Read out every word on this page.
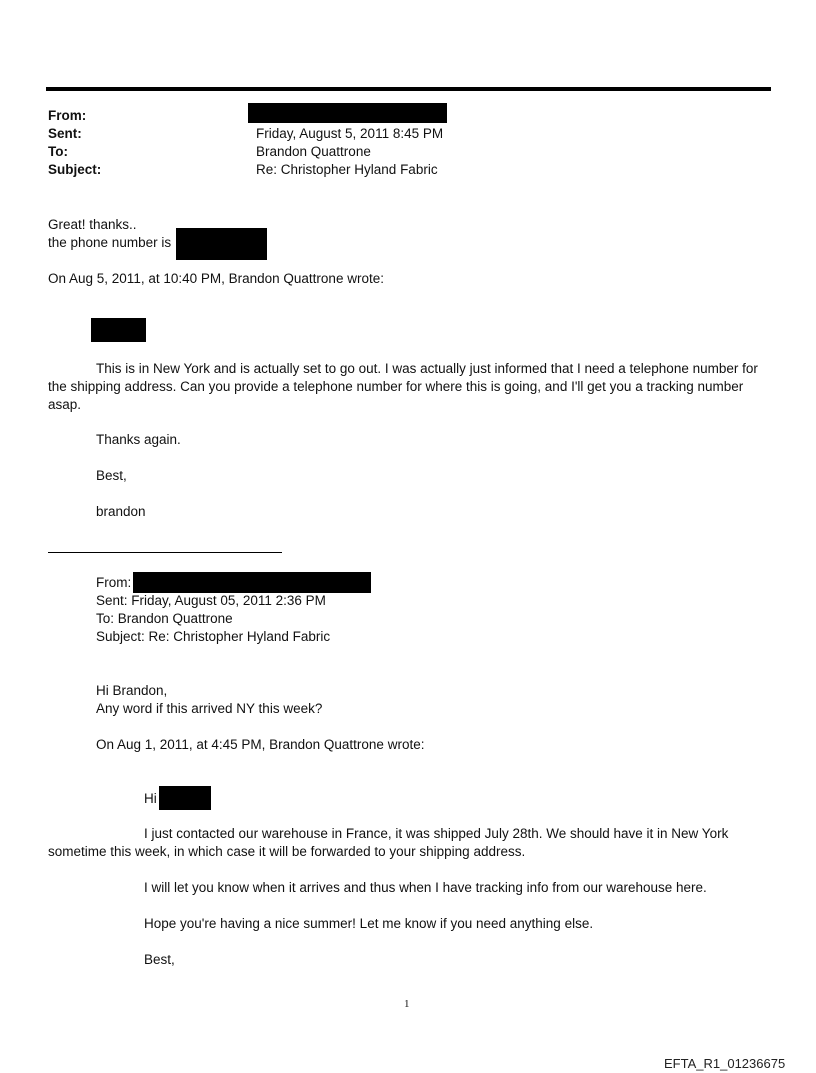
From:
Sent:	Friday, August 5, 2011 8:45 PM
To:	Brandon Quattrone
Subject:	Re: Christopher Hyland Fabric
Great! thanks..
the phone number is
On Aug 5, 2011, at 10:40 PM, Brandon Quattrone wrote:
This is in New York and is actually set to go out. I was actually just informed that I need a telephone number for
the shipping address. Can you provide a telephone number for where this is going, and I'll get you a tracking number
asap.
Thanks again.
Best,
brandon
From:
Sent: Friday, August 05, 2011 2:36 PM
To: Brandon Quattrone
Subject: Re: Christopher Hyland Fabric
Hi Brandon,
Any word if this arrived NY this week?
On Aug 1, 2011, at 4:45 PM, Brandon Quattrone wrote:
Hi
I just contacted our warehouse in France, it was shipped July 28th. We should have it in New York
sometime this week, in which case it will be forwarded to your shipping address.
I will let you know when it arrives and thus when I have tracking info from our warehouse here.
Hope you're having a nice summer! Let me know if you need anything else.
Best,
1
EFTA_R1_01236675
